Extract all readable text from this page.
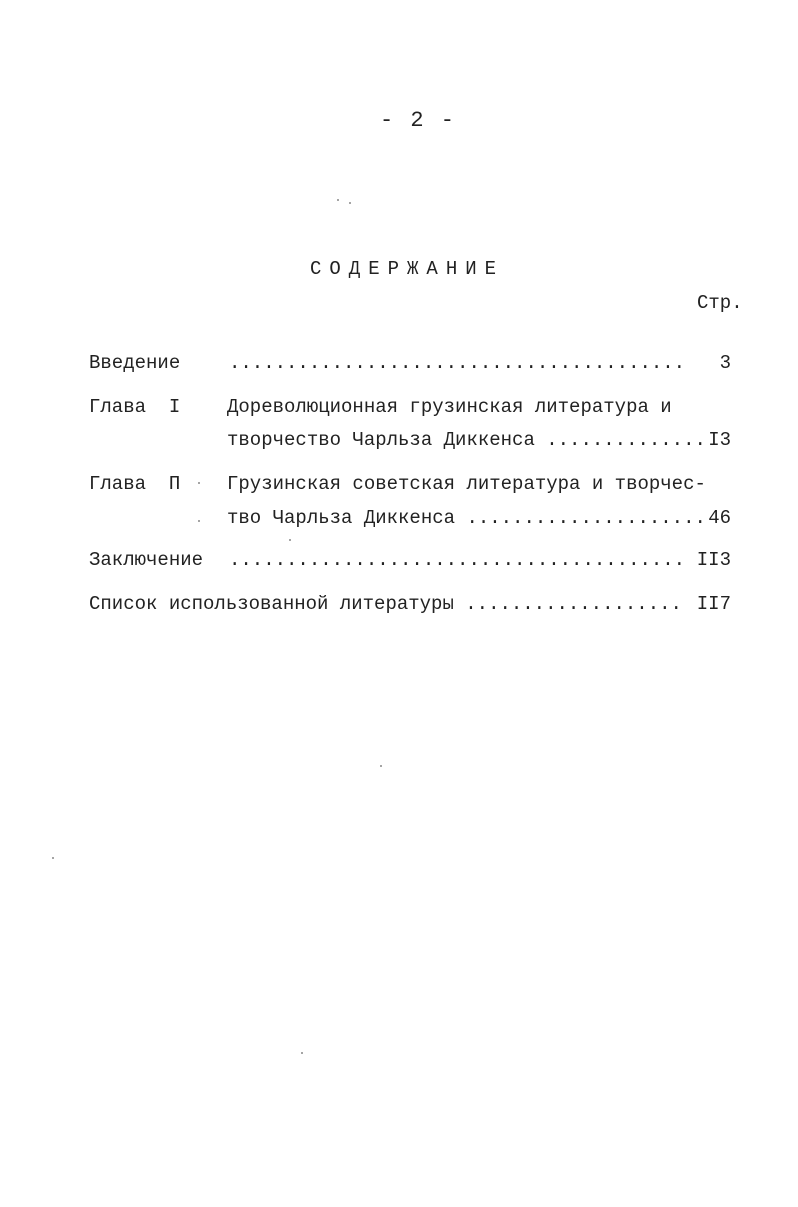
- 2 -
СОДЕРЖАНИЕ
Стр.
Введение	........................................	3
Глава  I Дореволюционная грузинская литература и
творчество Чарльза Диккенса .............. I3
Глава  П Грузинская советская литература и творчес-
тво Чарльза Диккенса ..................... 46
Заключение ........................................ II3
Список использованной литературы ................... II7
